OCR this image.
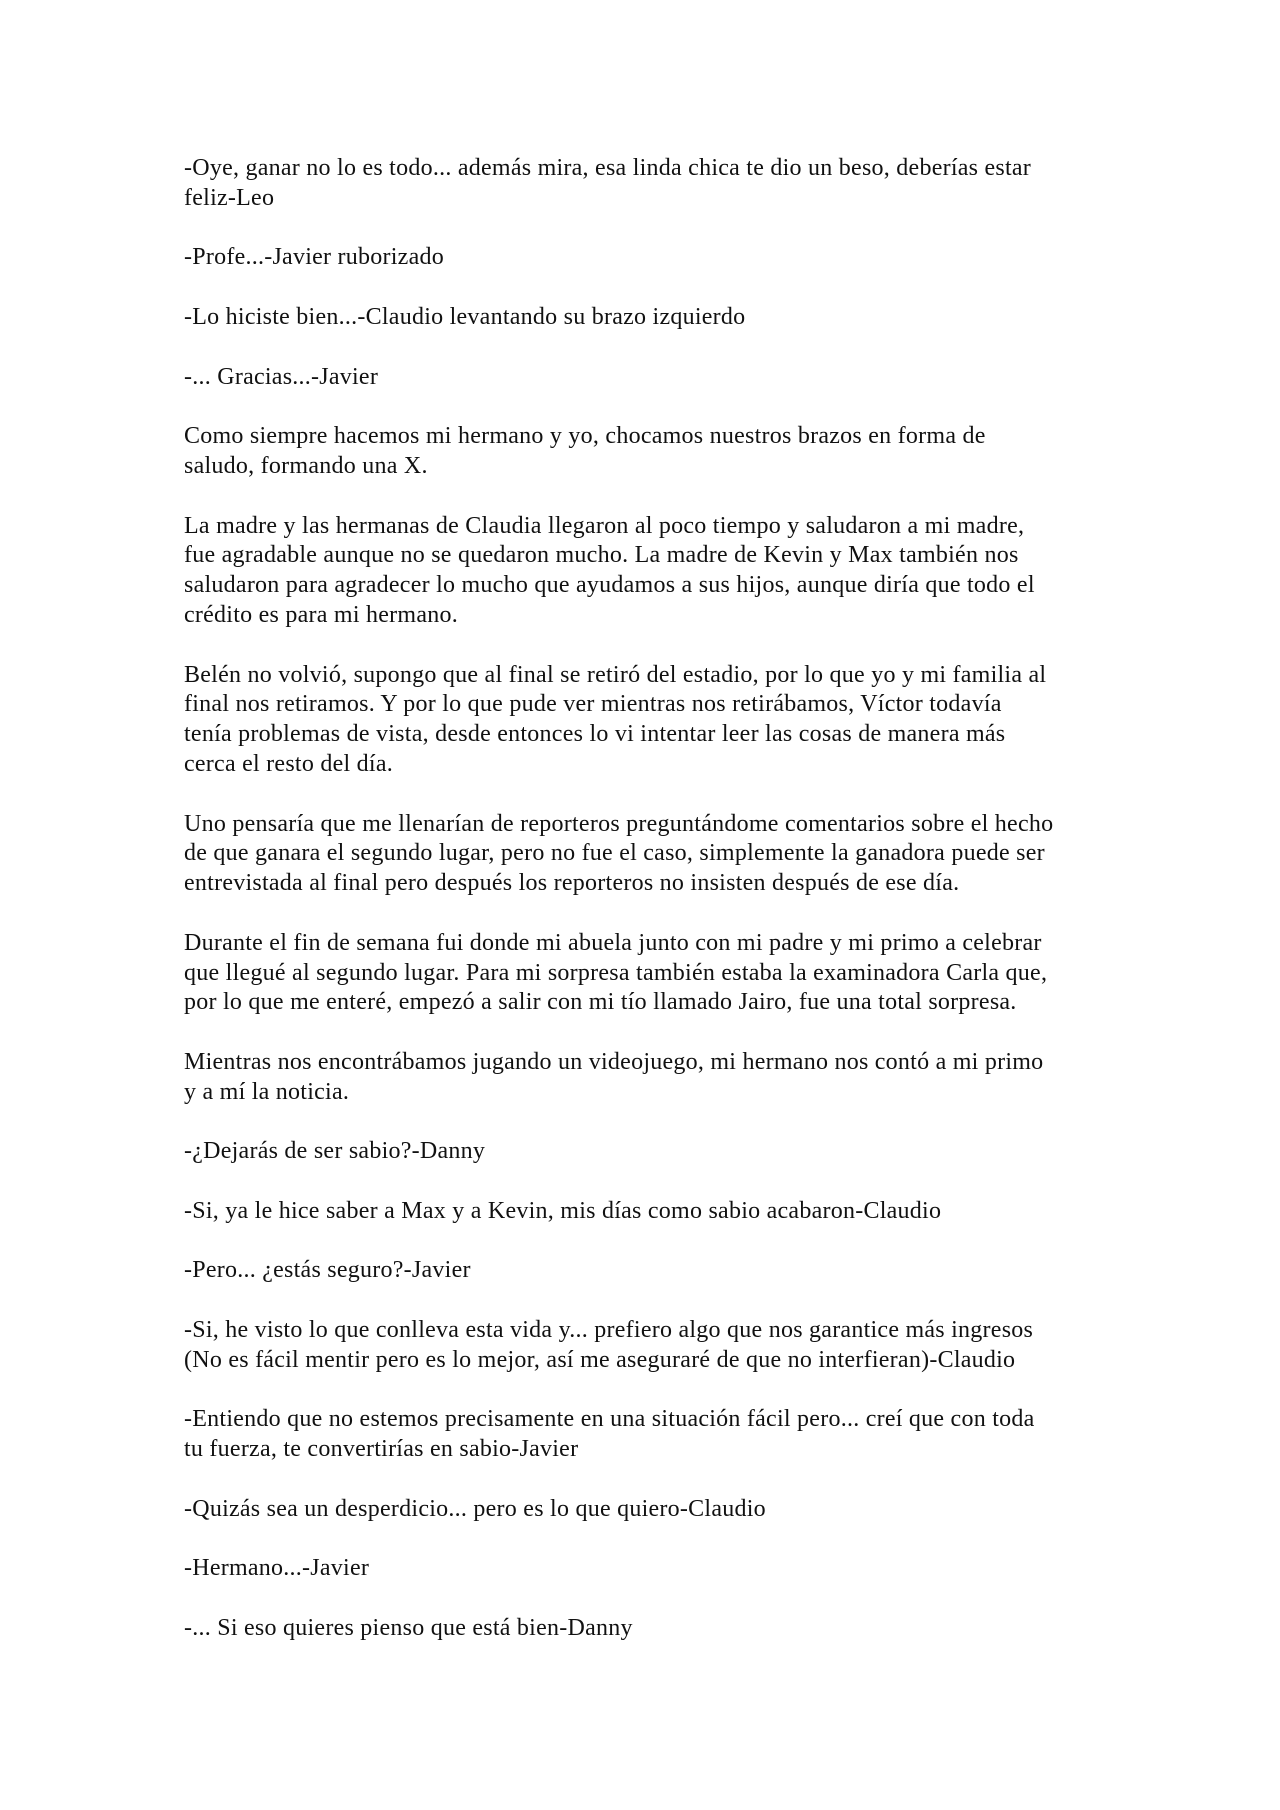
-Oye, ganar no lo es todo... además mira, esa linda chica te dio un beso, deberías estar
feliz-Leo

-Profe...-Javier ruborizado

-Lo hiciste bien...-Claudio levantando su brazo izquierdo

-... Gracias...-Javier

Como siempre hacemos mi hermano y yo, chocamos nuestros brazos en forma de
saludo, formando una X.

La madre y las hermanas de Claudia llegaron al poco tiempo y saludaron a mi madre,
fue agradable aunque no se quedaron mucho. La madre de Kevin y Max también nos
saludaron para agradecer lo mucho que ayudamos a sus hijos, aunque diría que todo el
crédito es para mi hermano.

Belén no volvió, supongo que al final se retiró del estadio, por lo que yo y mi familia al
final nos retiramos. Y por lo que pude ver mientras nos retirábamos, Víctor todavía
tenía problemas de vista, desde entonces lo vi intentar leer las cosas de manera más
cerca el resto del día.

Uno pensaría que me llenarían de reporteros preguntándome comentarios sobre el hecho
de que ganara el segundo lugar, pero no fue el caso, simplemente la ganadora puede ser
entrevistada al final pero después los reporteros no insisten después de ese día.

Durante el fin de semana fui donde mi abuela junto con mi padre y mi primo a celebrar
que llegué al segundo lugar. Para mi sorpresa también estaba la examinadora Carla que,
por lo que me enteré, empezó a salir con mi tío llamado Jairo, fue una total sorpresa.

Mientras nos encontrábamos jugando un videojuego, mi hermano nos contó a mi primo
y a mí la noticia.

-¿Dejarás de ser sabio?-Danny

-Si, ya le hice saber a Max y a Kevin, mis días como sabio acabaron-Claudio

-Pero... ¿estás seguro?-Javier

-Si, he visto lo que conlleva esta vida y... prefiero algo que nos garantice más ingresos
(No es fácil mentir pero es lo mejor, así me aseguraré de que no interfieran)-Claudio

-Entiendo que no estemos precisamente en una situación fácil pero... creí que con toda
tu fuerza, te convertirías en sabio-Javier

-Quizás sea un desperdicio... pero es lo que quiero-Claudio

-Hermano...-Javier

-... Si eso quieres pienso que está bien-Danny
